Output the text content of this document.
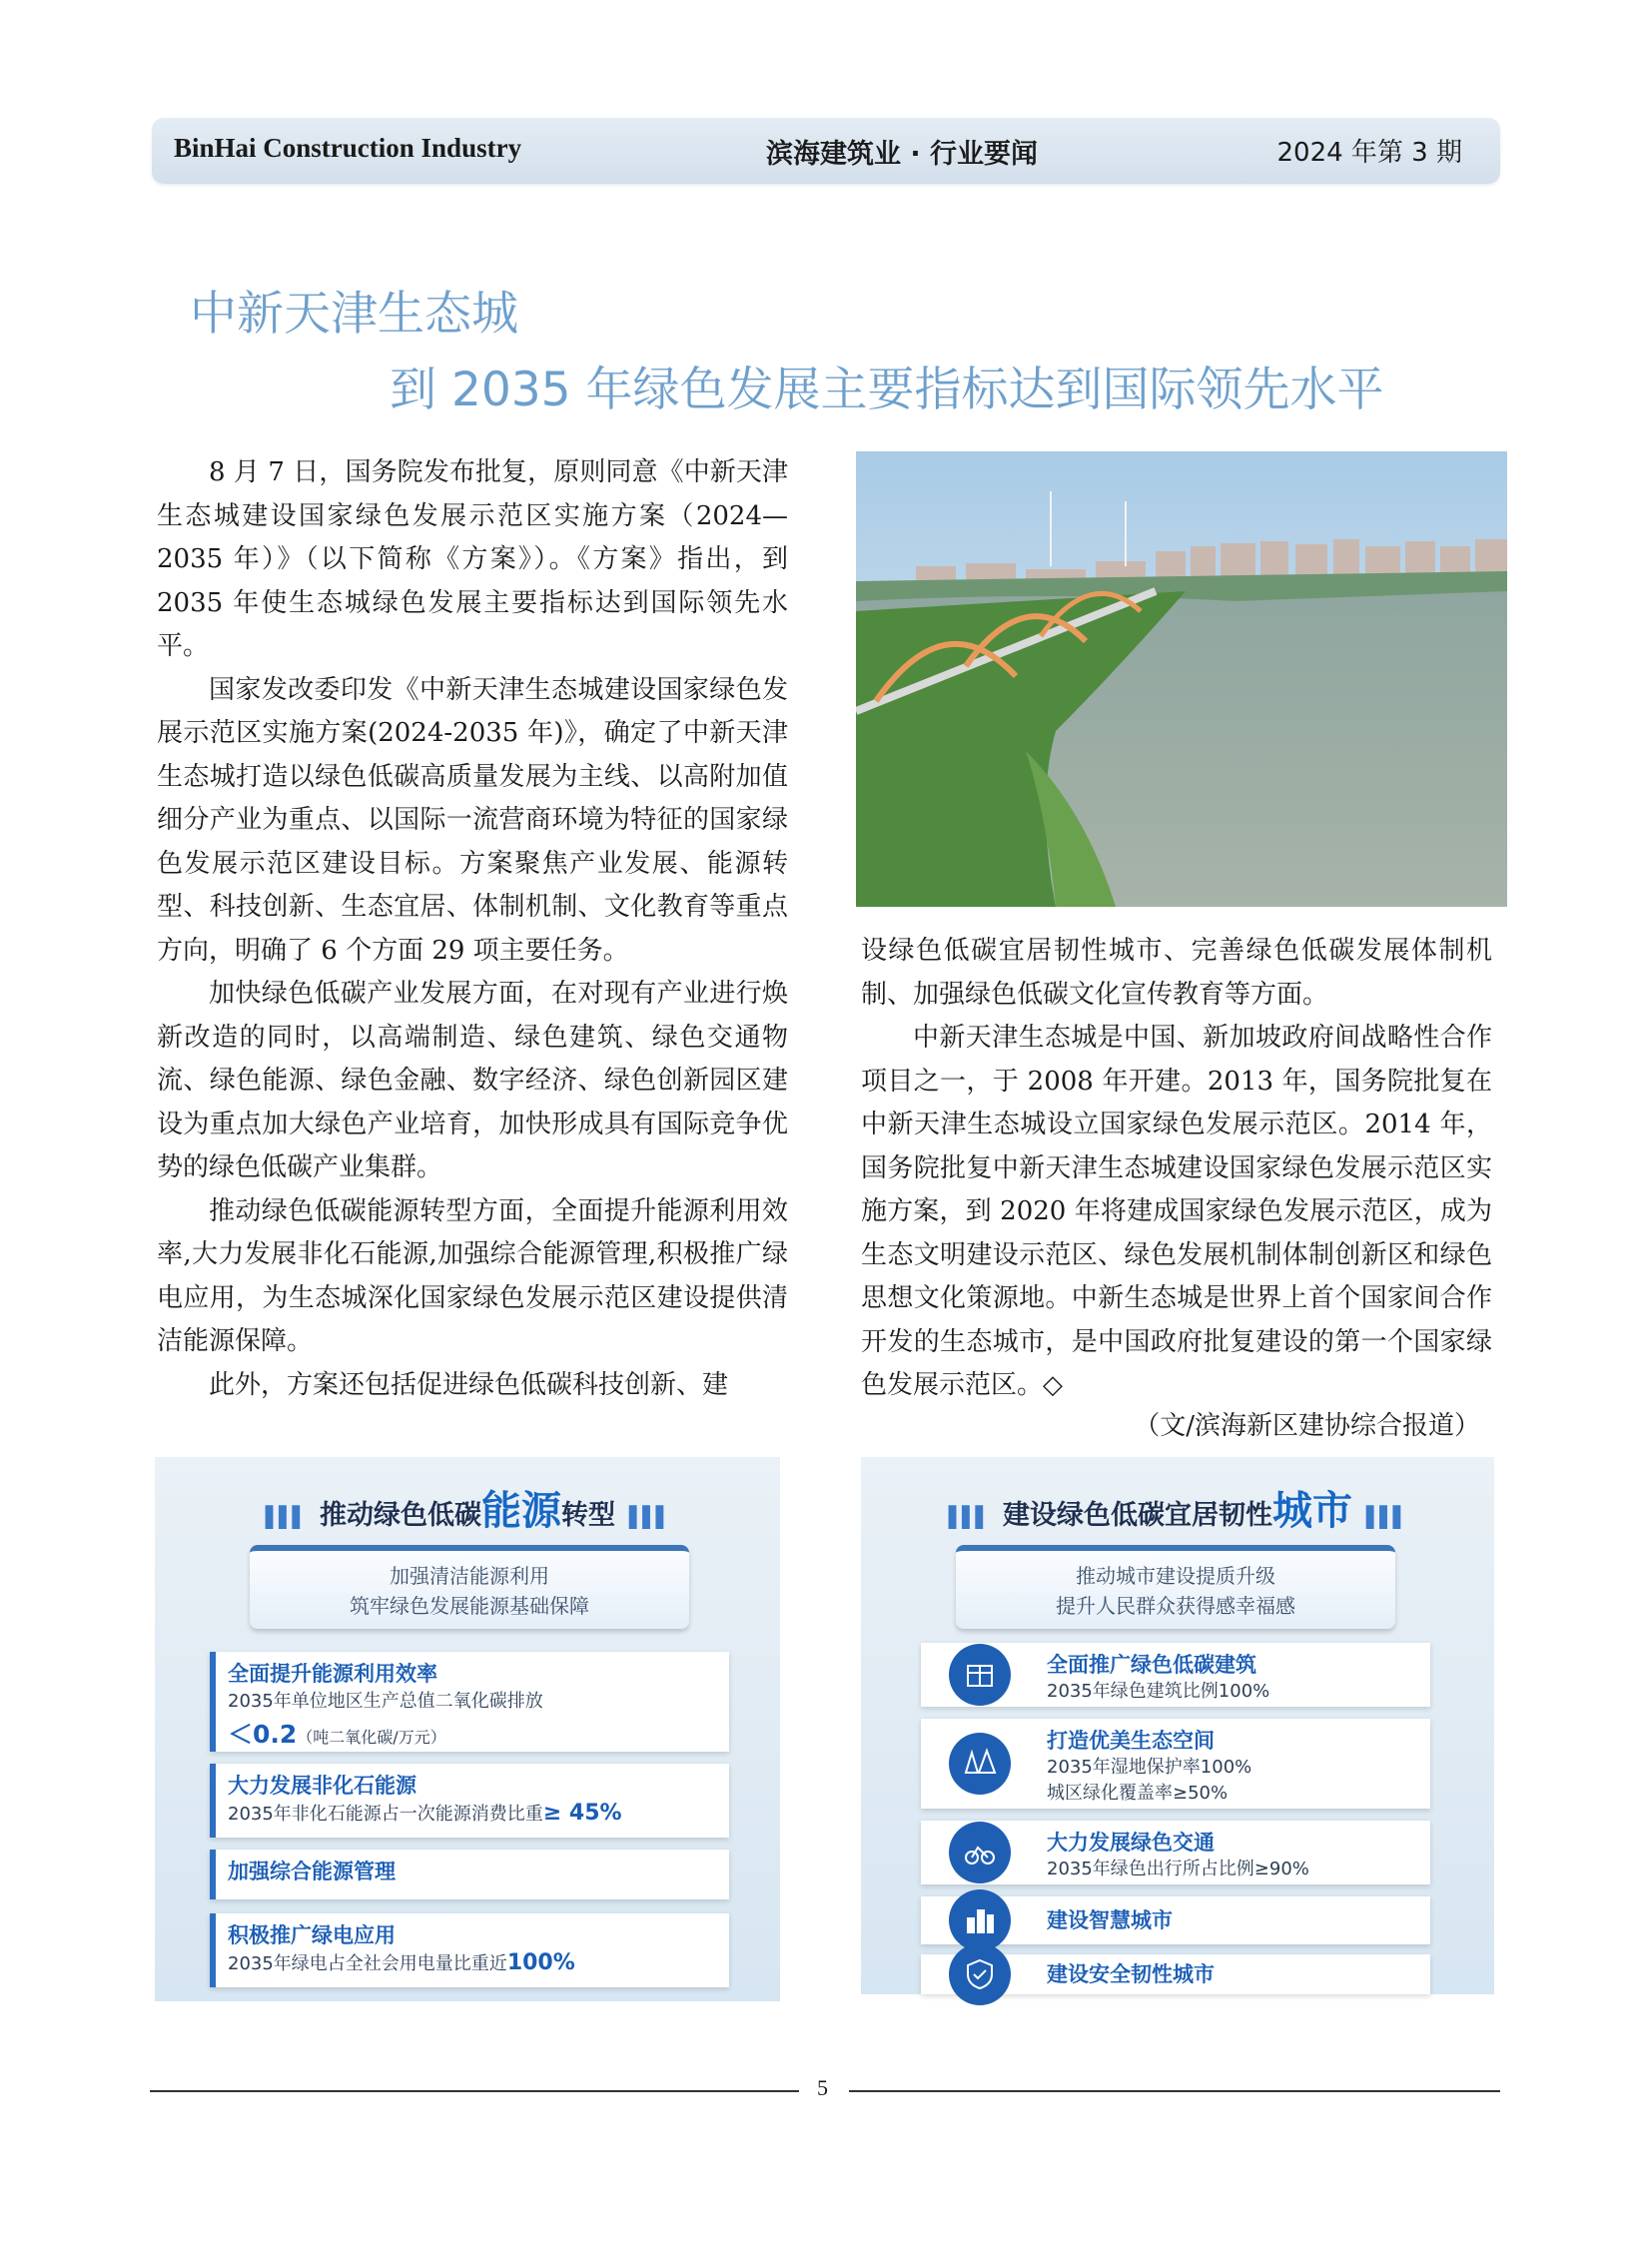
BinHai Construction Industry	滨海建筑业 · 行业要闻	2024 年第 3 期
中新天津生态城
到 2035 年绿色发展主要指标达到国际领先水平

8 月 7 日，国务院发布批复，原则同意《中新天津生态城建设国家绿色发展示范区实施方案（2024—2035 年）》（以下简称《方案》）。《方案》指出，到 2035 年使生态城绿色发展主要指标达到国际领先水平。

国家发改委印发《中新天津生态城建设国家绿色发展示范区实施方案(2024-2035 年)》，确定了中新天津生态城打造以绿色低碳高质量发展为主线、以高附加值细分产业为重点、以国际一流营商环境为特征的国家绿色发展示范区建设目标。方案聚焦产业发展、能源转型、科技创新、生态宜居、体制机制、文化教育等重点方向，明确了 6 个方面 29 项主要任务。

加快绿色低碳产业发展方面，在对现有产业进行焕新改造的同时，以高端制造、绿色建筑、绿色交通物流、绿色能源、绿色金融、数字经济、绿色创新园区建设为重点加大绿色产业培育，加快形成具有国际竞争优势的绿色低碳产业集群。

推动绿色低碳能源转型方面，全面提升能源利用效率,大力发展非化石能源,加强综合能源管理,积极推广绿电应用，为生态城深化国家绿色发展示范区建设提供清洁能源保障。

此外，方案还包括促进绿色低碳科技创新、建

设绿色低碳宜居韧性城市、完善绿色低碳发展体制机制、加强绿色低碳文化宣传教育等方面。

中新天津生态城是中国、新加坡政府间战略性合作项目之一，于 2008 年开建。2013 年，国务院批复在中新天津生态城设立国家绿色发展示范区。2014 年，国务院批复中新天津生态城建设国家绿色发展示范区实施方案，到 2020 年将建成国家绿色发展示范区，成为生态文明建设示范区、绿色发展机制体制创新区和绿色思想文化策源地。中新生态城是世界上首个国家间合作开发的生态城市，是中国政府批复建设的第一个国家绿色发展示范区。◇

（文/滨海新区建协综合报道）
▌▌▌ 推动绿色低碳能源转型 ▌▌▌
加强清洁能源利用
筑牢绿色发展能源基础保障
全面提升能源利用效率
2035年单位地区生产总值二氧化碳排放
＜0.2（吨二氧化碳/万元）
大力发展非化石能源
2035年非化石能源占一次能源消费比重≥ 45%
加强综合能源管理
积极推广绿电应用
2035年绿电占全社会用电量比重近100%
▌▌▌ 建设绿色低碳宜居韧性城市 ▌▌▌
推动城市建设提质升级
提升人民群众获得感幸福感
全面推广绿色低碳建筑
2035年绿色建筑比例100%
打造优美生态空间
2035年湿地保护率100%
城区绿化覆盖率≥50%
大力发展绿色交通
2035年绿色出行所占比例≥90%
建设智慧城市
建设安全韧性城市
5
